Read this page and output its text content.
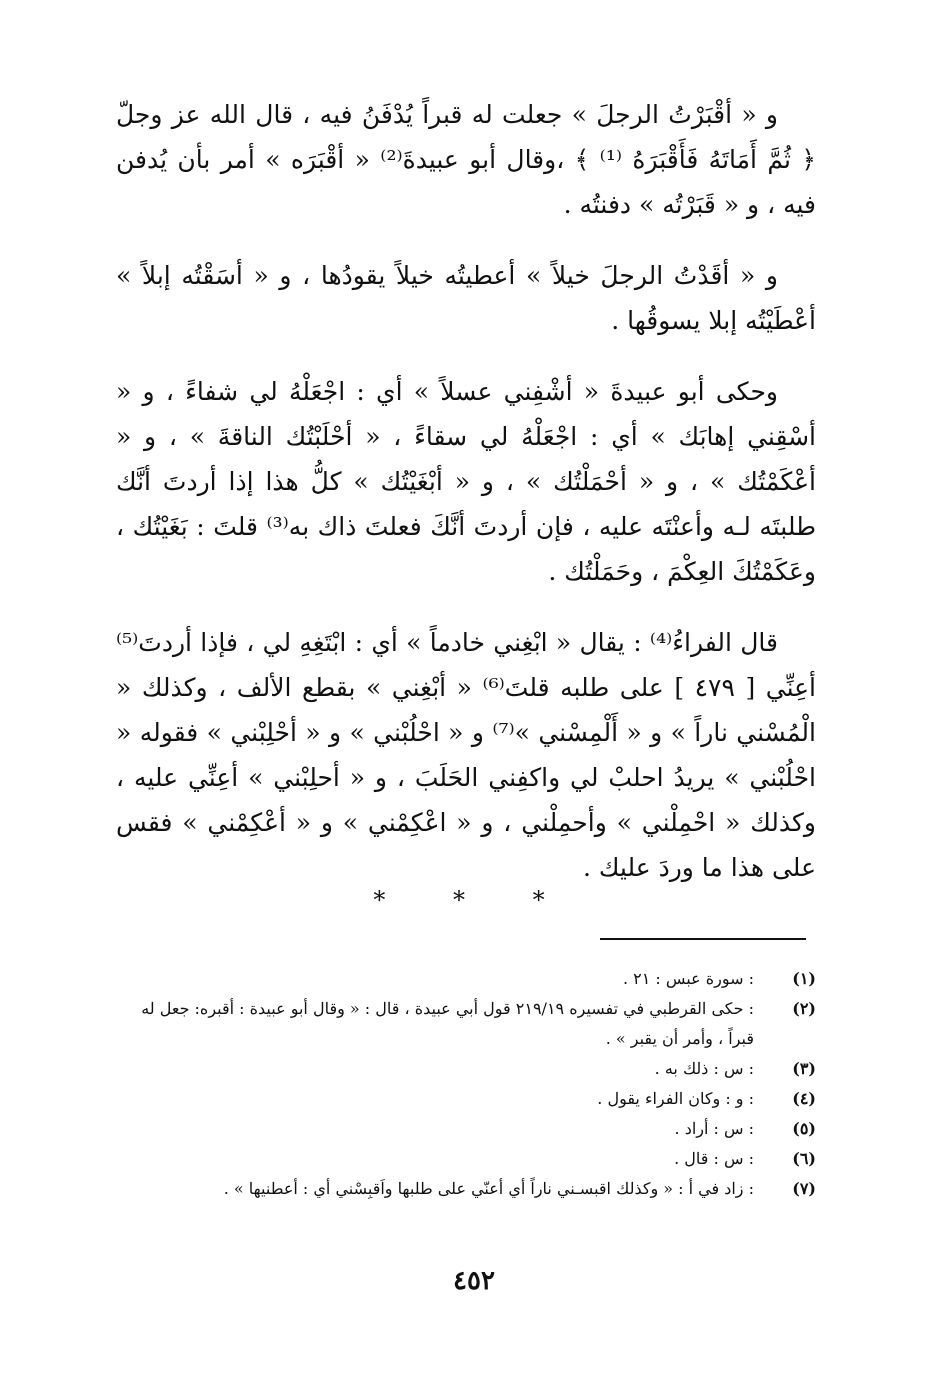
و « أقْبَرْتُ الرجلَ » جعلت له قبراً يُدْفَنُ فيه ، قال الله عز وجلّ ﴿ ثُمَّ أَمَاتَهُ فَأَقْبَرَهُ ⁽¹⁾ ﴾ ،وقال أبو عبيدةَ⁽²⁾ « أقْبَرَه » أمر بأن يُدفن فيه ، و « قَبَرْتُه » دفنتُه .

و « أقَدْتُ الرجلَ خيلاً » أعطيتُه خيلاً يقودُها ، و « أسَقْتُه إبلاً » أعْطَيْتُه إبلا يسوقُها .

وحكى أبو عبيدةَ « أشْفِني عسلاً » أي : اجْعَلْهُ لي شفاءً ، و « أسْقِني إهابَك » أي : اجْعَلْهُ لي سقاءً ، « أحْلَبْتُك الناقةَ » ، و « أعْكَمْتُك » ، و « أحْمَلْتُك » ، و « أبْغَيْتُك » كلُّ هذا إذا أردتَ أنَّك طلبتَه لـه وأعنْتَه عليه ، فإن أردتَ أنَّكَ فعلتَ ذاك به⁽³⁾ قلتَ : بَغَيْتُك ، وعَكَمْتُكَ العِكْمَ ، وحَمَلْتُك .

قال الفراءُ⁽⁴⁾ : يقال « ابْغِني خادماً » أي : ابْتَغِهِ لي ، فإذا أردتَ⁽⁵⁾ أعِنِّي [ ٤٧٩ ] على طلبه قلتَ⁽⁶⁾ « أبْغِني » بقطع الألف ، وكذلك « الْمُسْني ناراً » و « أَلْمِسْني »⁽⁷⁾ و « احْلُبْني » و « أحْلِبْني » فقوله « احْلُبْني » يريدُ احلبْ لي واكفِني الحَلَبَ ، و « أحلِبْني » أعِنِّي عليه ، وكذلك « احْمِلْني » وأحمِلْني ، و « اعْكِمْني » و « أعْكِمْني » فقس على هذا ما وردَ عليك .

* * *
(١)
: سورة عبس : ٢١ .
(٢)
: حكى القرطبي في تفسيره ٢١٩/١٩ قول أبي عبيدة ، قال : « وقال أبو عبيدة : أقبره: جعل له قبراً ، وأمر أن يقبر » .
(٣)
: س : ذلك به .
(٤)
: و : وكان الفراء يقول .
(٥)
: س : أراد .
(٦)
: س : قال .
(٧)
: زاد في أ : « وكذلك اقبسـني ناراً أي أعنّي على طلبها واَقبِسْني أي : أعطنيها » .
٤٥٢
